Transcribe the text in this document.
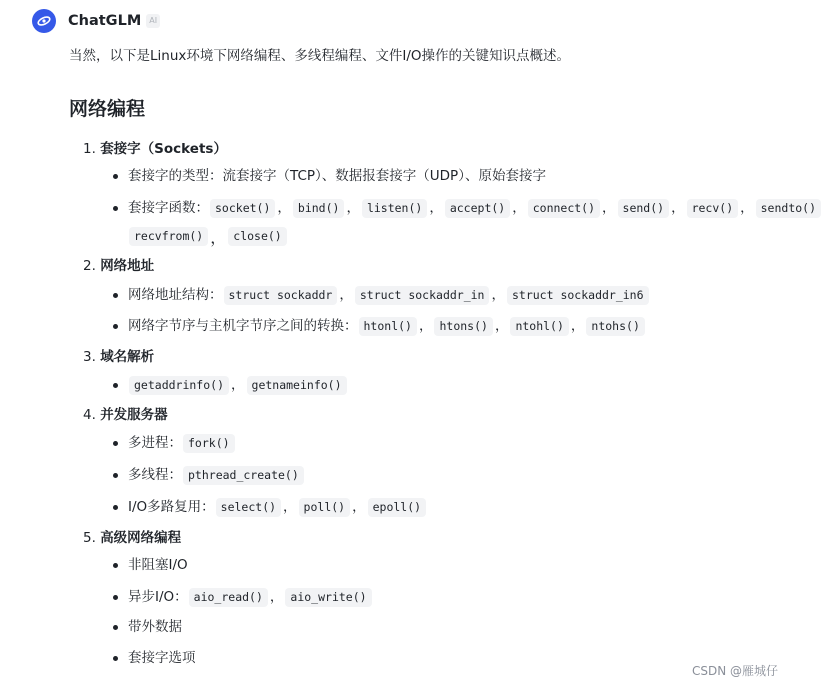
ChatGLM	AI

当然，以下是Linux环境下网络编程、多线程编程、文件I/O操作的关键知识点概述。

网络编程
1. 套接字（Sockets）
套接字的类型：流套接字（TCP）、数据报套接字（UDP）、原始套接字
套接字函数： socket() ， bind() ， listen() ， accept() ， connect() ， send() ， recv() ， sendto()
recvfrom() ， close()
2. 网络地址
网络地址结构： struct sockaddr ， struct sockaddr_in ， struct sockaddr_in6
网络字节序与主机字节序之间的转换： htonl() ， htons() ， ntohl() ， ntohs()
3. 域名解析
getaddrinfo() ， getnameinfo()
4. 并发服务器
多进程： fork()
多线程： pthread_create()
I/O多路复用： select() ， poll() ， epoll()
5. 高级网络编程
非阻塞I/O
异步I/O： aio_read() ， aio_write()
带外数据
套接字选项
CSDN @雁城仔
